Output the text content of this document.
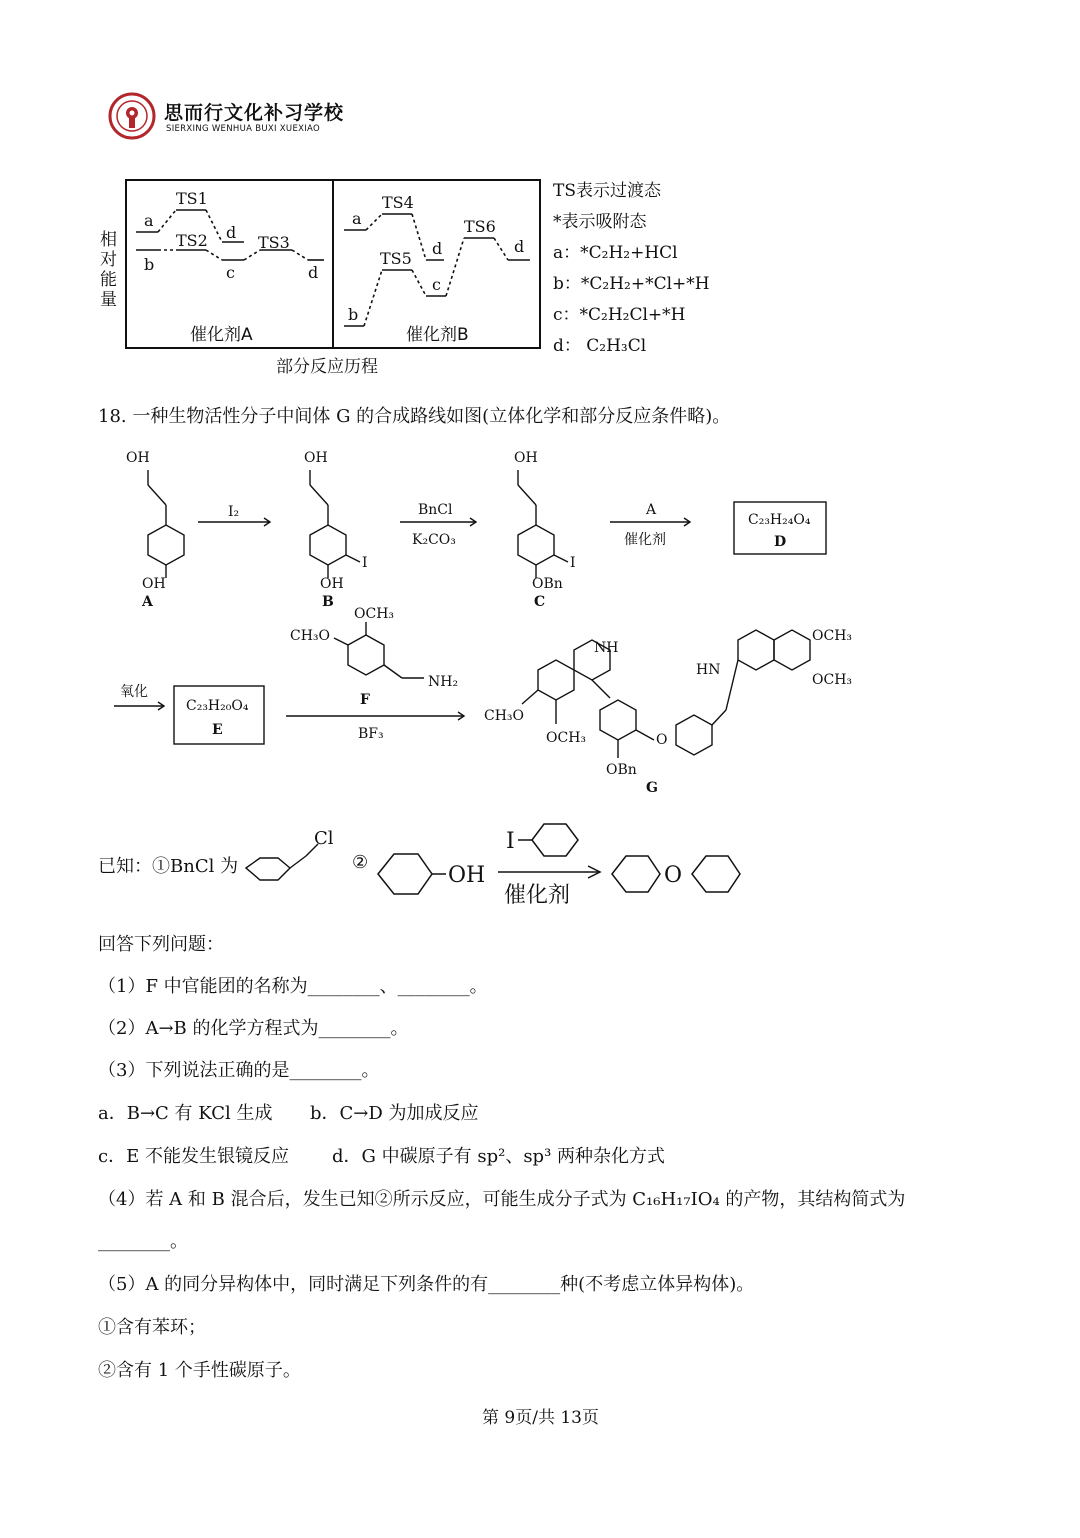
思而行文化补习学校
SIERXING WENHUA BUXI XUEXIAO
a
b
TS1
TS2 d
c
TS3
d
a
b
TS4
TS5
d
c
TS6
d
相对能量
催化剂A	催化剂B
部分反应历程
TS表示过渡态
*表示吸附态
a：*C₂H₂+HCl
b：*C₂H₂+*Cl+*H
c：*C₂H₂Cl+*H
d： C₂H₃Cl
18. 一种生物活性分子中间体 G 的合成路线如图(立体化学和部分反应条件略)。
OH
OH
A
OH
OH
I
B
I₂
OH
OBn
I
C
BnCl
K₂CO₃
A
催化剂
C₂₃H₂₄O₄
D
氧化
C₂₃H₂₀O₄
E
OCH₃
CH₃O
NH₂
F
BF₃
NH
HN
CH₃O
OCH₃	O
OBn
OCH₃
OCH₃
G
已知：①BnCl 为
Cl
②
OH
I
O
催化剂
回答下列问题：
（1）F 中官能团的名称为________、________。
（2）A→B 的化学方程式为________。
（3）下列说法正确的是________。
a．B→C 有 KCl 生成 b．C→D 为加成反应
c．E 不能发生银镜反应 d．G 中碳原子有 sp²、sp³ 两种杂化方式
（4）若 A 和 B 混合后，发生已知②所示反应，可能生成分子式为 C₁₆H₁₇IO₄ 的产物，其结构简式为
________。
（5）A 的同分异构体中，同时满足下列条件的有________种(不考虑立体异构体)。
①含有苯环；
②含有 1 个手性碳原子。
第 9页/共 13页
